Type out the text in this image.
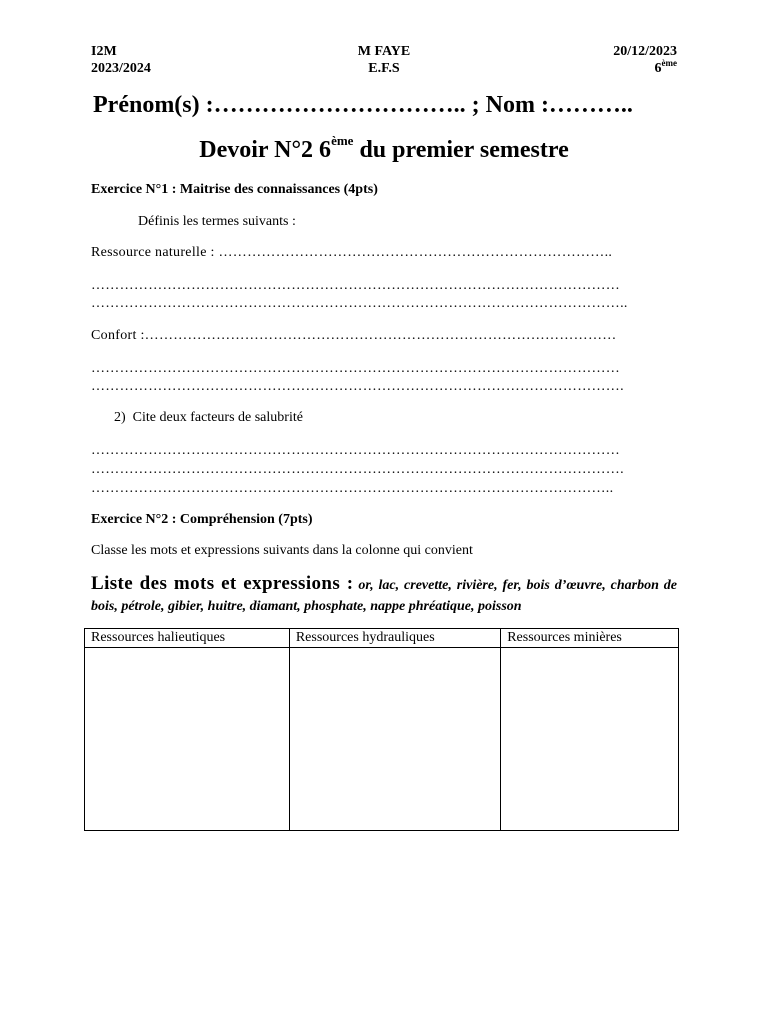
I2M
2023/2024
M FAYE
E.F.S
20/12/2023
6ème
Prénom(s) :………………………….. ; Nom :………..
Devoir N°2 6ème du premier semestre
Exercice N°1 : Maitrise des connaissances (4pts)
Définis les termes suivants :
Ressource naturelle : ………………………………………………………………………..
…………………………………………………………………………………………………
…………………………………………………………………………………………………..
Confort :………………………………………………………………………………………
…………………………………………………………………………………………………
………………………………………………………………………………………………….
2) Cite deux facteurs de salubrité
…………………………………………………………………………………………………
………………………………………………………………………………………………….
………………………………………………………………………………………………..
Exercice N°2 : Compréhension (7pts)
Classe les mots et expressions suivants dans la colonne qui convient
Liste des mots et expressions : or, lac, crevette, rivière, fer, bois d’œuvre, charbon de bois, pétrole, gibier, huitre, diamant, phosphate, nappe phréatique, poisson
Ressources halieutiques	Ressources hydrauliques	Ressources minières
